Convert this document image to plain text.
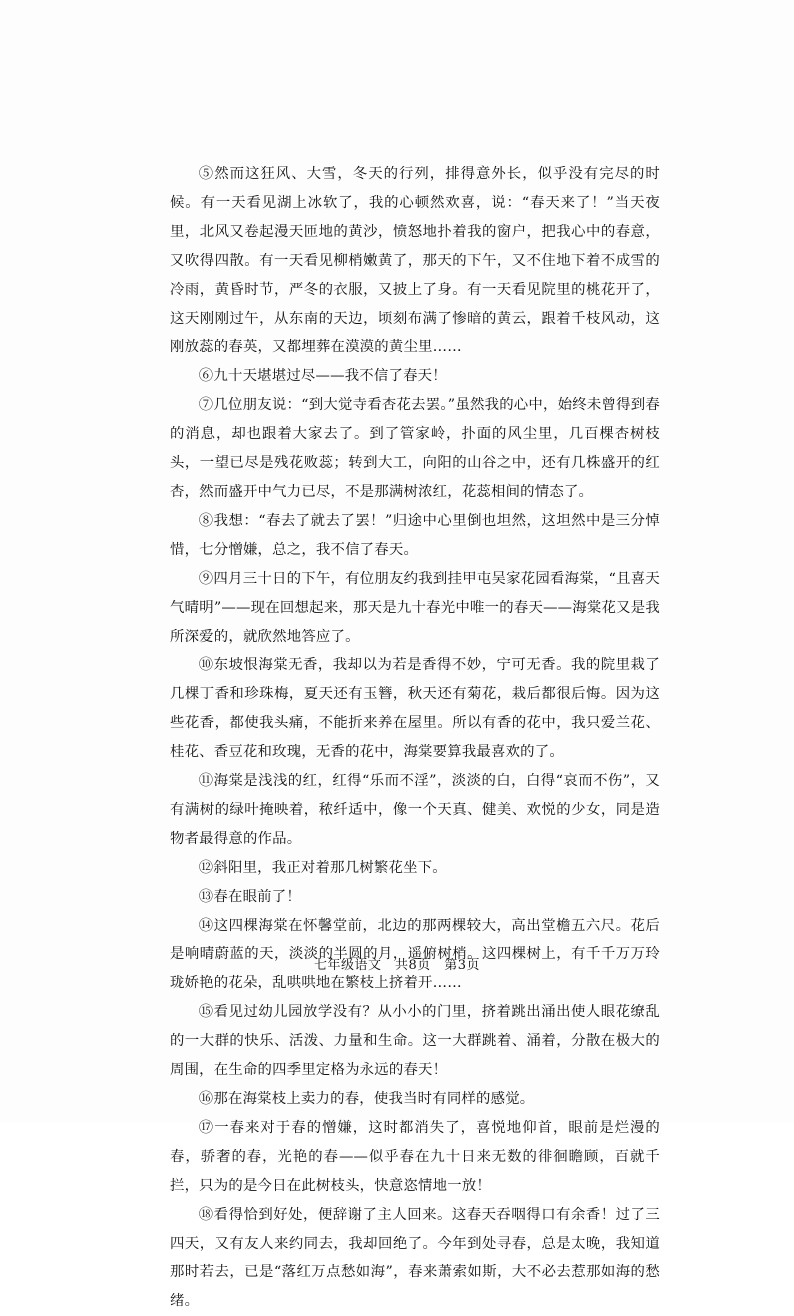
⑤然而这狂风、大雪，冬天的行列，排得意外长，似乎没有完尽的时候。有一天看见湖上冰软了，我的心顿然欢喜，说：“春天来了！”当天夜里，北风又卷起漫天匝地的黄沙，愤怒地扑着我的窗户，把我心中的春意，又吹得四散。有一天看见柳梢嫩黄了，那天的下午，又不住地下着不成雪的冷雨，黄昏时节，严冬的衣服，又披上了身。有一天看见院里的桃花开了，这天刚刚过午，从东南的天边，顷刻布满了惨暗的黄云，跟着千枝风动，这刚放蕊的春英，又都埋葬在漠漠的黄尘里……

⑥九十天堪堪过尽——我不信了春天！

⑦几位朋友说：“到大觉寺看杏花去罢。”虽然我的心中，始终未曾得到春的消息，却也跟着大家去了。到了管家岭，扑面的风尘里，几百棵杏树枝头，一望已尽是残花败蕊；转到大工，向阳的山谷之中，还有几株盛开的红杏，然而盛开中气力已尽，不是那满树浓红，花蕊相间的情态了。

⑧我想：“春去了就去了罢！”归途中心里倒也坦然，这坦然中是三分悼惜，七分憎嫌，总之，我不信了春天。

⑨四月三十日的下午，有位朋友约我到挂甲屯吴家花园看海棠，“且喜天气晴明”——现在回想起来，那天是九十春光中唯一的春天——海棠花又是我所深爱的，就欣然地答应了。

⑩东坡恨海棠无香，我却以为若是香得不妙，宁可无香。我的院里栽了几棵丁香和珍珠梅，夏天还有玉簪，秋天还有菊花，栽后都很后悔。因为这些花香，都使我头痛，不能折来养在屋里。所以有香的花中，我只爱兰花、桂花、香豆花和玫瑰，无香的花中，海棠要算我最喜欢的了。

⑪海棠是浅浅的红，红得“乐而不淫”，淡淡的白，白得“哀而不伤”，又有满树的绿叶掩映着，秾纤适中，像一个天真、健美、欢悦的少女，同是造物者最得意的作品。

⑫斜阳里，我正对着那几树繁花坐下。

⑬春在眼前了！

⑭这四棵海棠在怀馨堂前，北边的那两棵较大，高出堂檐五六尺。花后是响晴蔚蓝的天，淡淡的半圆的月，遥俯树梢。这四棵树上，有千千万万玲珑娇艳的花朵，乱哄哄地在繁枝上挤着开……

⑮看见过幼儿园放学没有？从小小的门里，挤着跳出涌出使人眼花缭乱的一大群的快乐、活泼、力量和生命。这一大群跳着、涌着，分散在极大的周围，在生命的四季里定格为永远的春天！

⑯那在海棠枝上卖力的春，使我当时有同样的感觉。

⑰一春来对于春的憎嫌，这时都消失了，喜悦地仰首，眼前是烂漫的春，骄奢的春，光艳的春——似乎春在九十日来无数的徘徊瞻顾，百就千拦，只为的是今日在此树枝头，快意恣情地一放！

⑱看得恰到好处，便辞谢了主人回来。这春天吞咽得口有余香！过了三四天，又有友人来约同去，我却回绝了。今年到处寻春，总是太晚，我知道那时若去，已是“落红万点愁如海”，春来萧索如斯，大不必去惹那如海的愁绪。

七年级语文　共8页　第3页
